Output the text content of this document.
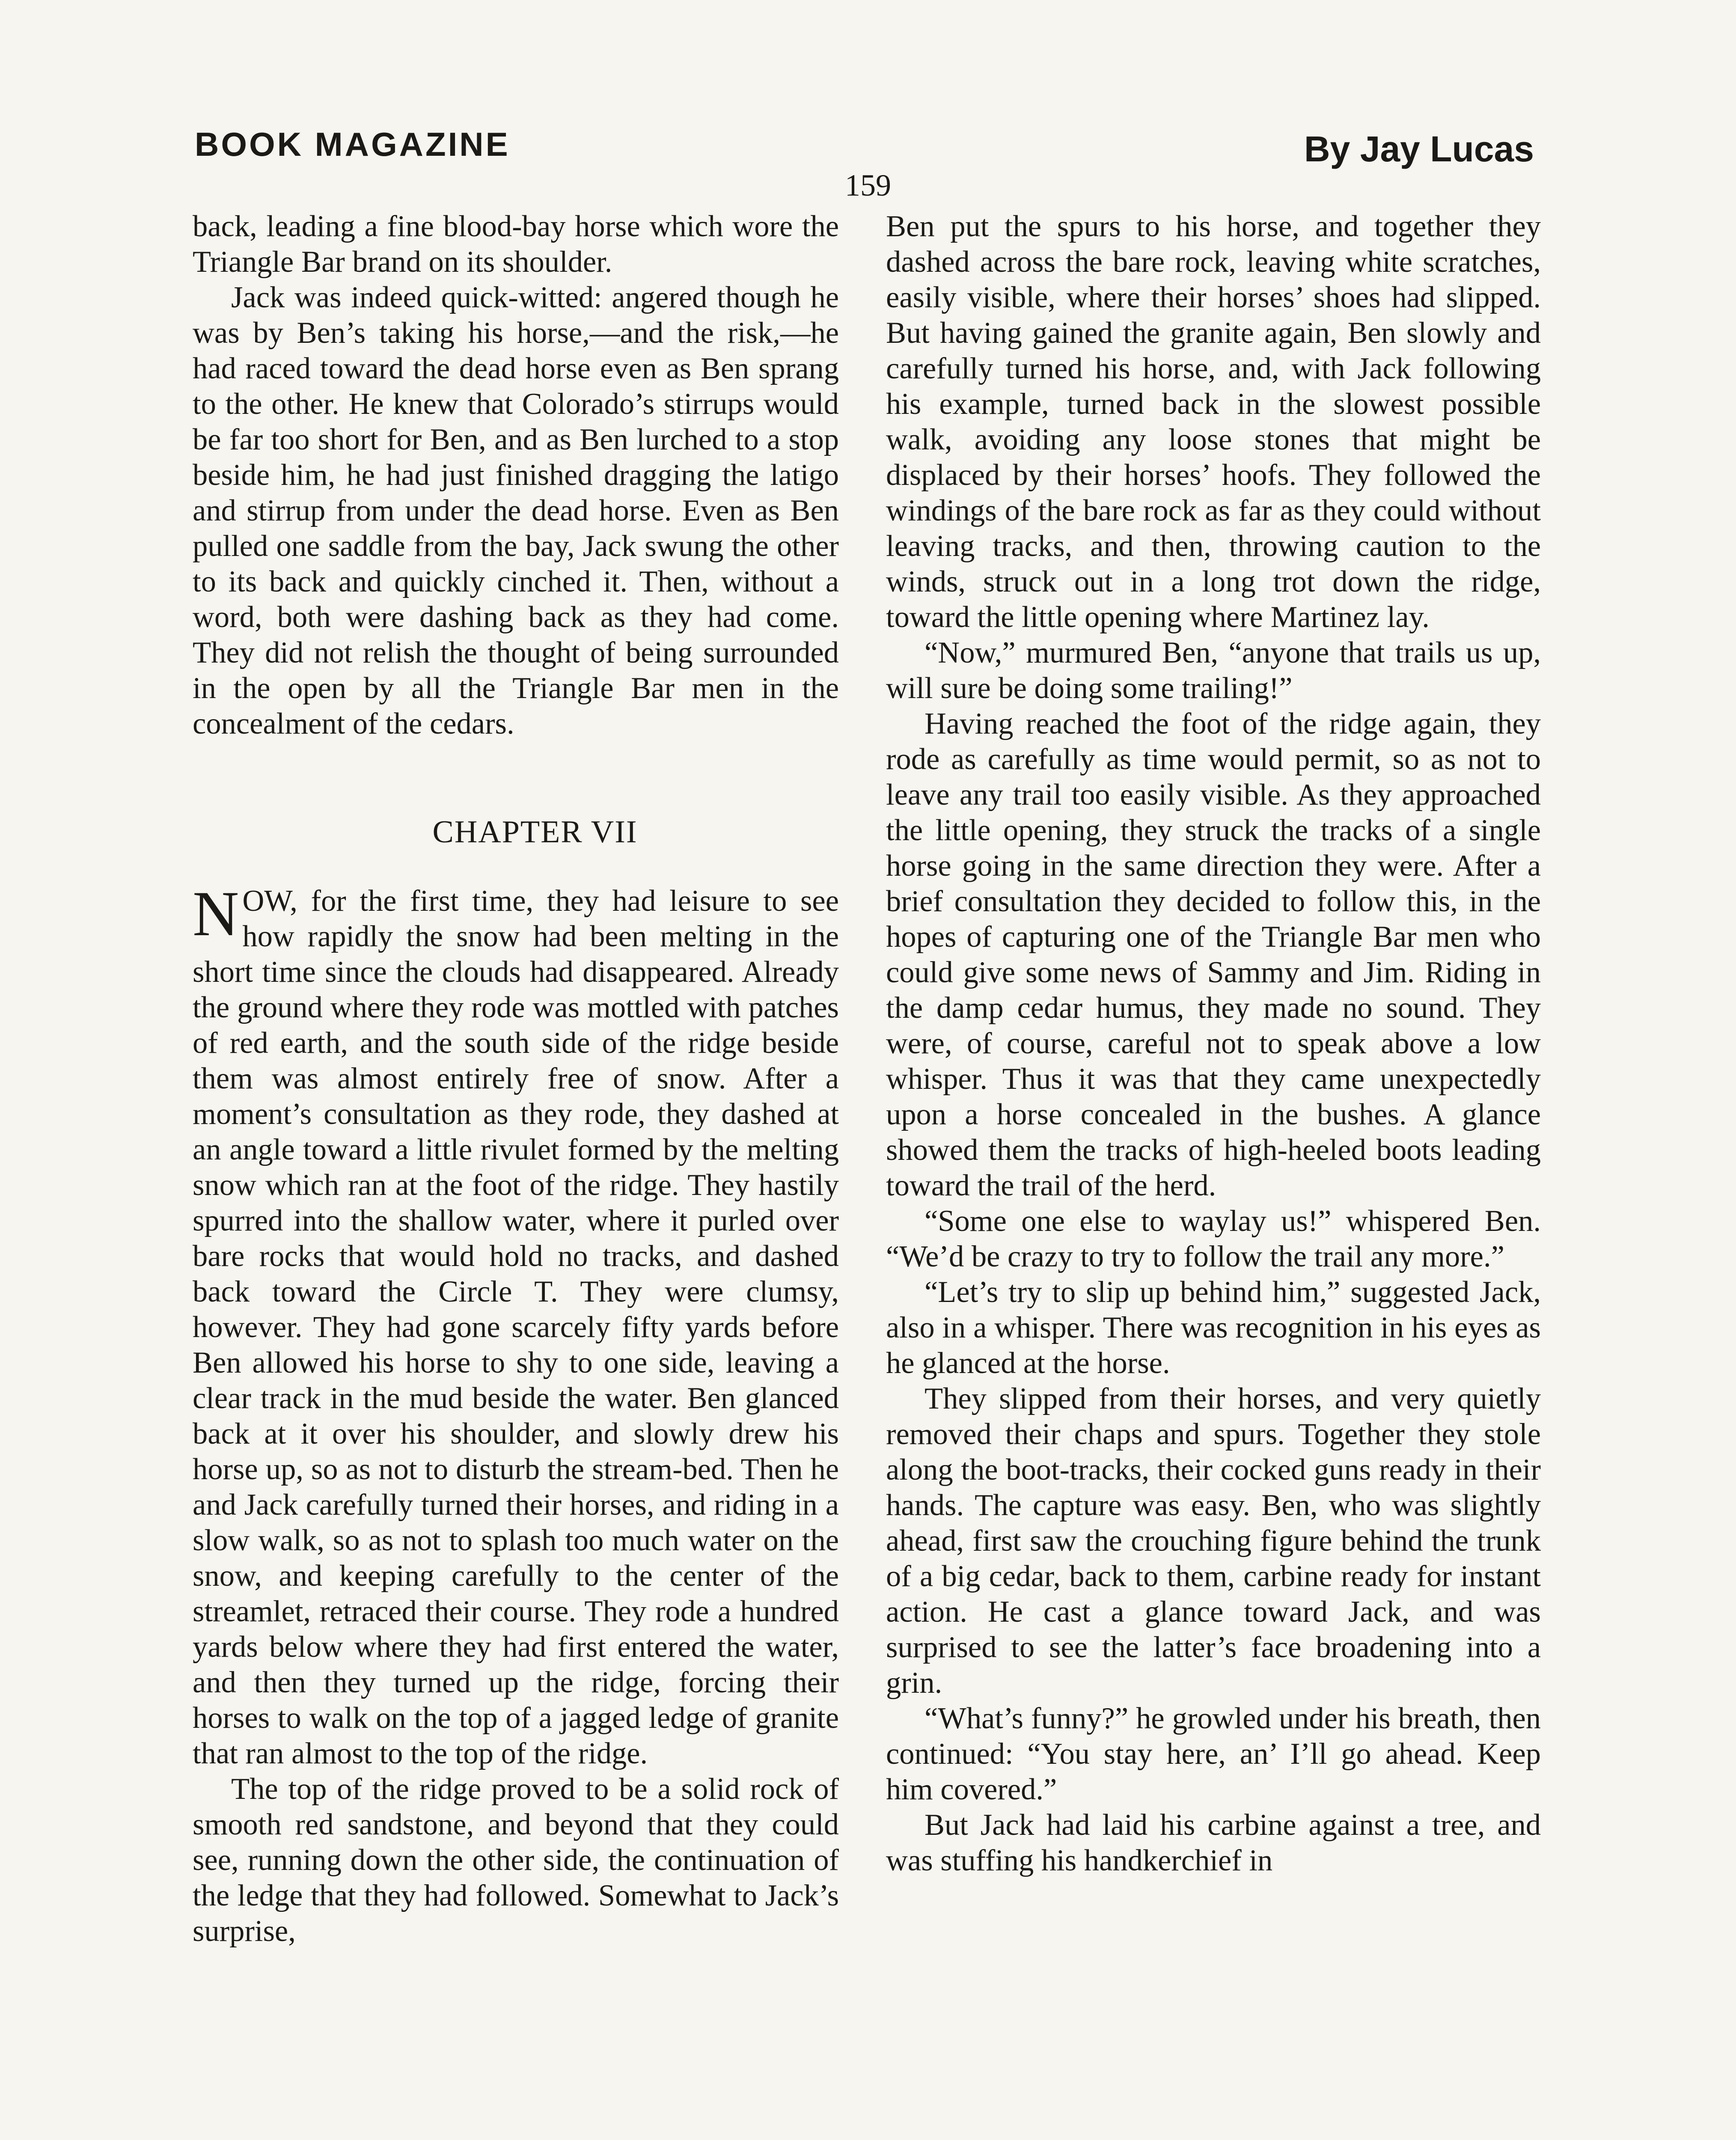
BOOK MAGAZINE	By Jay Lucas
159

back, leading a fine blood-bay horse which wore the Triangle Bar brand on its shoulder.

Jack was indeed quick-witted: angered though he was by Ben’s taking his horse,—and the risk,—he had raced toward the dead horse even as Ben sprang to the other. He knew that Colorado’s stirrups would be far too short for Ben, and as Ben lurched to a stop beside him, he had just finished dragging the latigo and stirrup from under the dead horse. Even as Ben pulled one saddle from the bay, Jack swung the other to its back and quickly cinched it. Then, without a word, both were dashing back as they had come. They did not relish the thought of being surrounded in the open by all the Triangle Bar men in the concealment of the cedars.

CHAPTER VII

NOW, for the first time, they had leisure to see how rapidly the snow had been melting in the short time since the clouds had disappeared. Already the ground where they rode was mottled with patches of red earth, and the south side of the ridge beside them was almost entirely free of snow. After a moment’s consultation as they rode, they dashed at an angle toward a little rivulet formed by the melting snow which ran at the foot of the ridge. They hastily spurred into the shallow water, where it purled over bare rocks that would hold no tracks, and dashed back toward the Circle T. They were clumsy, however. They had gone scarcely fifty yards before Ben allowed his horse to shy to one side, leaving a clear track in the mud beside the water. Ben glanced back at it over his shoulder, and slowly drew his horse up, so as not to disturb the stream-bed. Then he and Jack carefully turned their horses, and riding in a slow walk, so as not to splash too much water on the snow, and keeping carefully to the center of the streamlet, retraced their course. They rode a hundred yards below where they had first entered the water, and then they turned up the ridge, forcing their horses to walk on the top of a jagged ledge of granite that ran almost to the top of the ridge.

The top of the ridge proved to be a solid rock of smooth red sandstone, and beyond that they could see, running down the other side, the continuation of the ledge that they had followed. Somewhat to Jack’s surprise,

Ben put the spurs to his horse, and together they dashed across the bare rock, leaving white scratches, easily visible, where their horses’ shoes had slipped. But having gained the granite again, Ben slowly and carefully turned his horse, and, with Jack following his example, turned back in the slowest possible walk, avoiding any loose stones that might be displaced by their horses’ hoofs. They followed the windings of the bare rock as far as they could without leaving tracks, and then, throwing caution to the winds, struck out in a long trot down the ridge, toward the little opening where Martinez lay.

“Now,” murmured Ben, “anyone that trails us up, will sure be doing some trailing!”

Having reached the foot of the ridge again, they rode as carefully as time would permit, so as not to leave any trail too easily visible. As they approached the little opening, they struck the tracks of a single horse going in the same direction they were. After a brief consultation they decided to follow this, in the hopes of capturing one of the Triangle Bar men who could give some news of Sammy and Jim. Riding in the damp cedar humus, they made no sound. They were, of course, careful not to speak above a low whisper. Thus it was that they came unexpectedly upon a horse concealed in the bushes. A glance showed them the tracks of high-heeled boots leading toward the trail of the herd.

“Some one else to waylay us!” whispered Ben. “We’d be crazy to try to follow the trail any more.”

“Let’s try to slip up behind him,” suggested Jack, also in a whisper. There was recognition in his eyes as he glanced at the horse.

They slipped from their horses, and very quietly removed their chaps and spurs. Together they stole along the boot-tracks, their cocked guns ready in their hands. The capture was easy. Ben, who was slightly ahead, first saw the crouching figure behind the trunk of a big cedar, back to them, carbine ready for instant action. He cast a glance toward Jack, and was surprised to see the latter’s face broadening into a grin.

“What’s funny?” he growled under his breath, then continued: “You stay here, an’ I’ll go ahead. Keep him covered.”

But Jack had laid his carbine against a tree, and was stuffing his handkerchief in
